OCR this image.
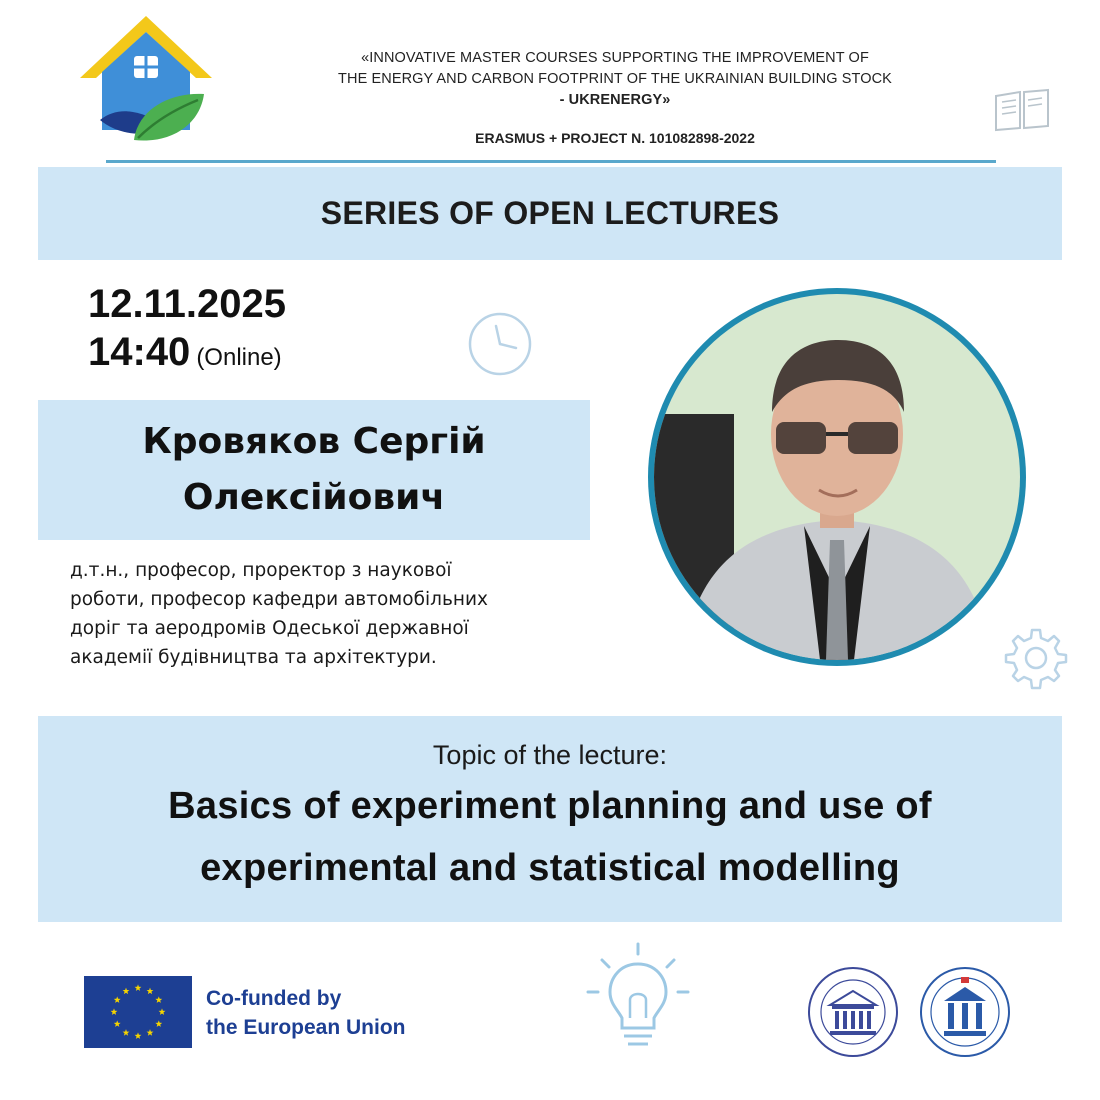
«INNOVATIVE MASTER COURSES SUPPORTING THE IMPROVEMENT OF
THE ENERGY AND CARBON FOOTPRINT OF THE UKRAINIAN BUILDING STOCK
- UKRENERGY»
ERASMUS + PROJECT N. 101082898-2022
SERIES OF OPEN LECTURES
12.11.2025
14:40 (Online)
Кровяков Сергій
Олексійович
д.т.н., професор, проректор з наукової
роботи, професор кафедри автомобільних
доріг та аеродромів Одеської державної
академії будівництва та архітектури.
Topic of the lecture:
Basics of experiment planning and use of
experimental and statistical modelling
Co-funded by
the European Union
